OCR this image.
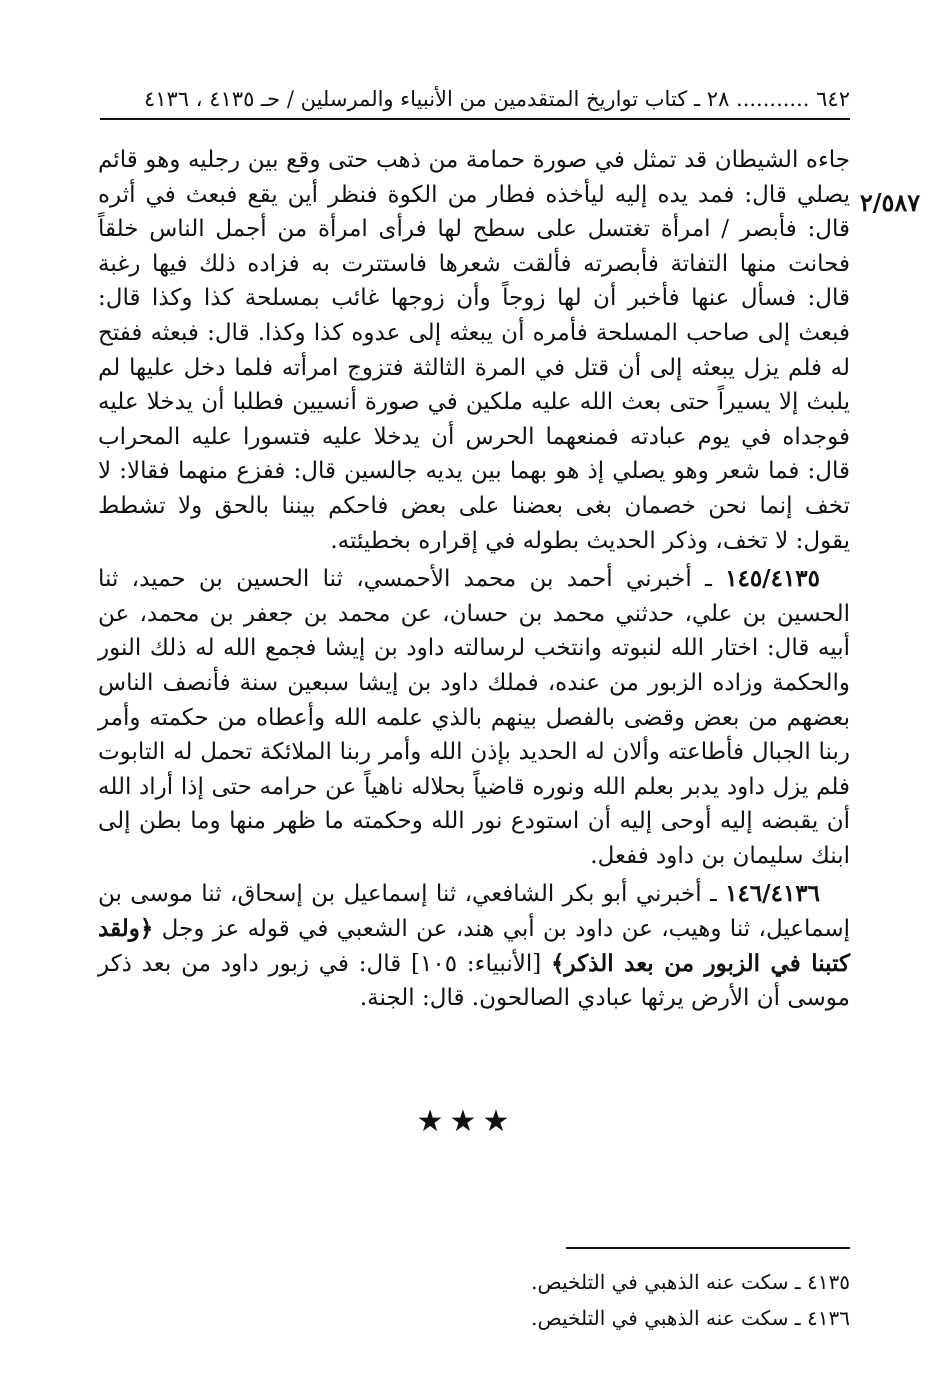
٦٤٢ ........... ٢٨ ـ كتاب تواريخ المتقدمين من الأنبياء والمرسلين / حـ ٤١٣٥ ، ٤١٣٦
٢/٥٨٧

جاءه الشيطان قد تمثل في صورة حمامة من ذهب حتى وقع بين رجليه وهو قائم يصلي قال: فمد يده إليه ليأخذه فطار من الكوة فنظر أين يقع فبعث في أثره قال: فأبصر / امرأة تغتسل على سطح لها فرأى امرأة من أجمل الناس خلقاً فحانت منها التفاتة فأبصرته فألقت شعرها فاستترت به فزاده ذلك فيها رغبة قال: فسأل عنها فأخبر أن لها زوجاً وأن زوجها غائب بمسلحة كذا وكذا قال: فبعث إلى صاحب المسلحة فأمره أن يبعثه إلى عدوه كذا وكذا. قال: فبعثه ففتح له فلم يزل يبعثه إلى أن قتل في المرة الثالثة فتزوج امرأته فلما دخل عليها لم يلبث إلا يسيراً حتى بعث الله عليه ملكين في صورة أنسيين فطلبا أن يدخلا عليه فوجداه في يوم عبادته فمنعهما الحرس أن يدخلا عليه فتسورا عليه المحراب قال: فما شعر وهو يصلي إذ هو بهما بين يديه جالسين قال: ففزع منهما فقالا: لا تخف إنما نحن خصمان بغى بعضنا على بعض فاحكم بيننا بالحق ولا تشطط يقول: لا تخف، وذكر الحديث بطوله في إقراره بخطيئته.

١٤٥/٤١٣٥ ـ أخبرني أحمد بن محمد الأحمسي، ثنا الحسين بن حميد، ثنا الحسين بن علي، حدثني محمد بن حسان، عن محمد بن جعفر بن محمد، عن أبيه قال: اختار الله لنبوته وانتخب لرسالته داود بن إيشا فجمع الله له ذلك النور والحكمة وزاده الزبور من عنده، فملك داود بن إيشا سبعين سنة فأنصف الناس بعضهم من بعض وقضى بالفصل بينهم بالذي علمه الله وأعطاه من حكمته وأمر ربنا الجبال فأطاعته وألان له الحديد بإذن الله وأمر ربنا الملائكة تحمل له التابوت فلم يزل داود يدبر بعلم الله ونوره قاضياً بحلاله ناهياً عن حرامه حتى إذا أراد الله أن يقبضه إليه أوحى إليه أن استودع نور الله وحكمته ما ظهر منها وما بطن إلى ابنك سليمان بن داود ففعل.

١٤٦/٤١٣٦ ـ أخبرني أبو بكر الشافعي، ثنا إسماعيل بن إسحاق، ثنا موسى بن إسماعيل، ثنا وهيب، عن داود بن أبي هند، عن الشعبي في قوله عز وجل ﴿ولقد كتبنا في الزبور من بعد الذكر﴾ [الأنبياء: ١٠٥] قال: في زبور داود من بعد ذكر موسى أن الأرض يرثها عبادي الصالحون. قال: الجنة.

★★★

٤١٣٥ ـ سكت عنه الذهبي في التلخيص.

٤١٣٦ ـ سكت عنه الذهبي في التلخيص.
